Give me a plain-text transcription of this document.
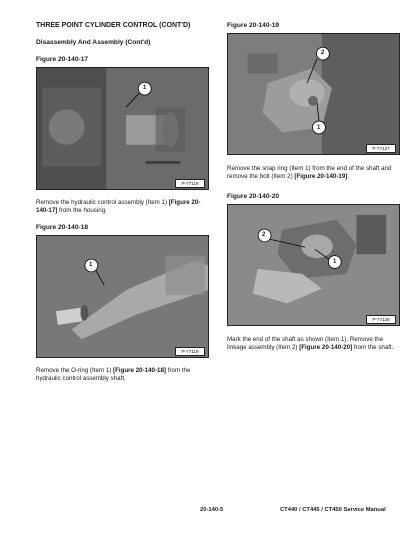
THREE POINT CYLINDER CONTROL (CONT'D)
Disassembly And Assembly (Cont'd)
Figure 20-140-17
1
P-77118
Remove the hydraulic control assembly (Item 1) [Figure 20-140-17] from the housing.
Figure 20-140-18
1
P-77119
Remove the O-ring (Item 1) [Figure 20-140-18] from the hydraulic control assembly shaft.
Figure 20-140-19
2
1
P-77127
Remove the snap ring (Item 1) from the end of the shaft and remove the bolt (Item 2) [Figure 20-140-19].
Figure 20-140-20
2
1
P-77128
Mark the end of the shaft as shown (Item 1). Remove the linkage assembly (Item 2) [Figure 20-140-20] from the shaft.
20-140-5	CT440 / CT445 / CT450 Service Manual
